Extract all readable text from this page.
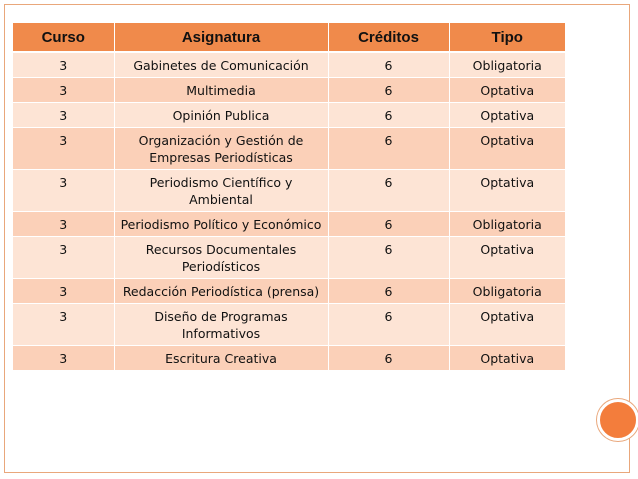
Curso	Asignatura	Créditos	Tipo
3	Gabinetes de Comunicación	6	Obligatoria
3	Multimedia	6	Optativa
3	Opinión Publica	6	Optativa
3	Organización y Gestión de Empresas Periodísticas	6	Optativa
3	Periodismo Científico y Ambiental	6	Optativa
3	Periodismo Político y Económico	6	Obligatoria
3	Recursos Documentales Periodísticos	6	Optativa
3	Redacción Periodística (prensa)	6	Obligatoria
3	Diseño de Programas Informativos	6	Optativa
3	Escritura Creativa	6	Optativa
